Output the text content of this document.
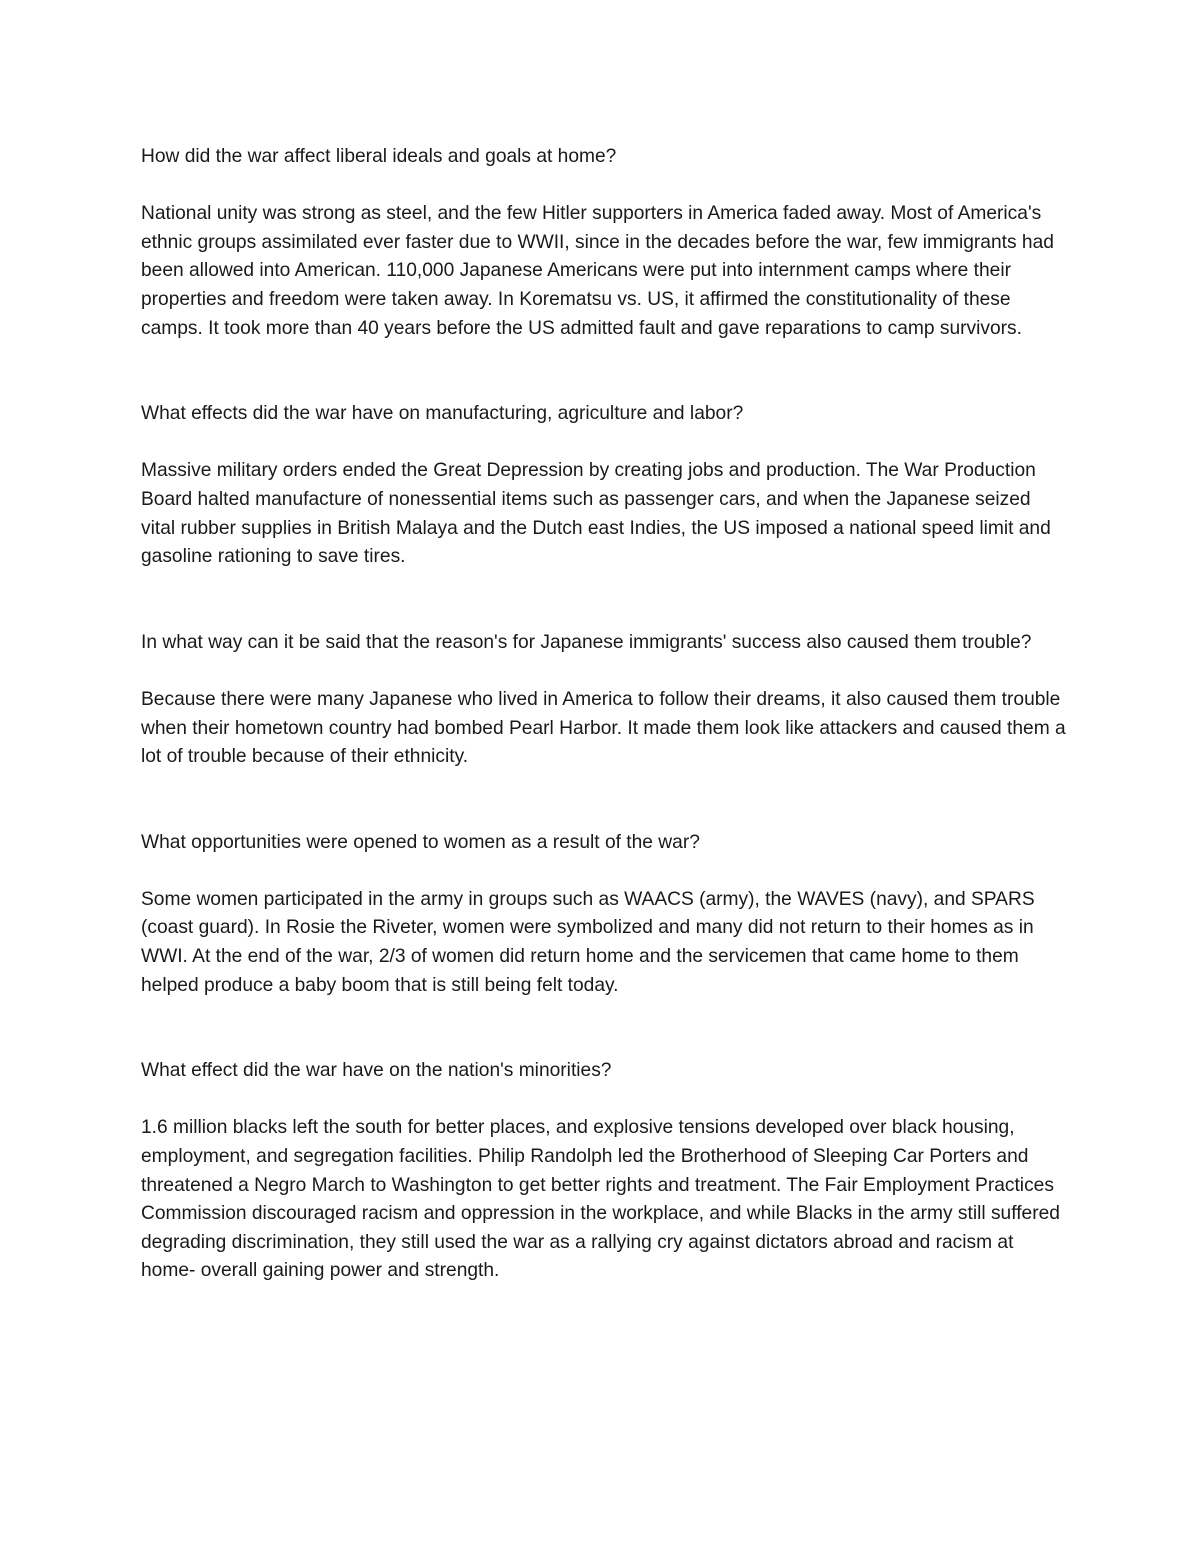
How did the war affect liberal ideals and goals at home?

National unity was strong as steel, and the few Hitler supporters in America faded away. Most of America's ethnic groups assimilated ever faster due to WWII, since in the decades before the war, few immigrants had been allowed into American. 110,000 Japanese Americans were put into internment camps where their properties and freedom were taken away. In Korematsu vs. US, it affirmed the constitutionality of these camps. It took more than 40 years before the US admitted fault and gave reparations to camp survivors.

What effects did the war have on manufacturing, agriculture and labor?

Massive military orders ended the Great Depression by creating jobs and production. The War Production Board halted manufacture of nonessential items such as passenger cars, and when the Japanese seized vital rubber supplies in British Malaya and the Dutch east Indies, the US imposed a national speed limit and gasoline rationing to save tires.

In what way can it be said that the reason's for Japanese immigrants' success also caused them trouble?

Because there were many Japanese who lived in America to follow their dreams, it also caused them trouble when their hometown country had bombed Pearl Harbor. It made them look like attackers and caused them a lot of trouble because of their ethnicity.

What opportunities were opened to women as a result of the war?

Some women participated in the army in groups such as WAACS (army), the WAVES (navy), and SPARS (coast guard). In Rosie the Riveter, women were symbolized and many did not return to their homes as in WWI. At the end of the war, 2/3 of women did return home and the servicemen that came home to them helped produce a baby boom that is still being felt today.

What effect did the war have on the nation's minorities?

1.6 million blacks left the south for better places, and explosive tensions developed over black housing, employment, and segregation facilities. Philip Randolph led the Brotherhood of Sleeping Car Porters and threatened a Negro March to Washington to get better rights and treatment. The Fair Employment Practices Commission discouraged racism and oppression in the workplace, and while Blacks in the army still suffered degrading discrimination, they still used the war as a rallying cry against dictators abroad and racism at home- overall gaining power and strength.
